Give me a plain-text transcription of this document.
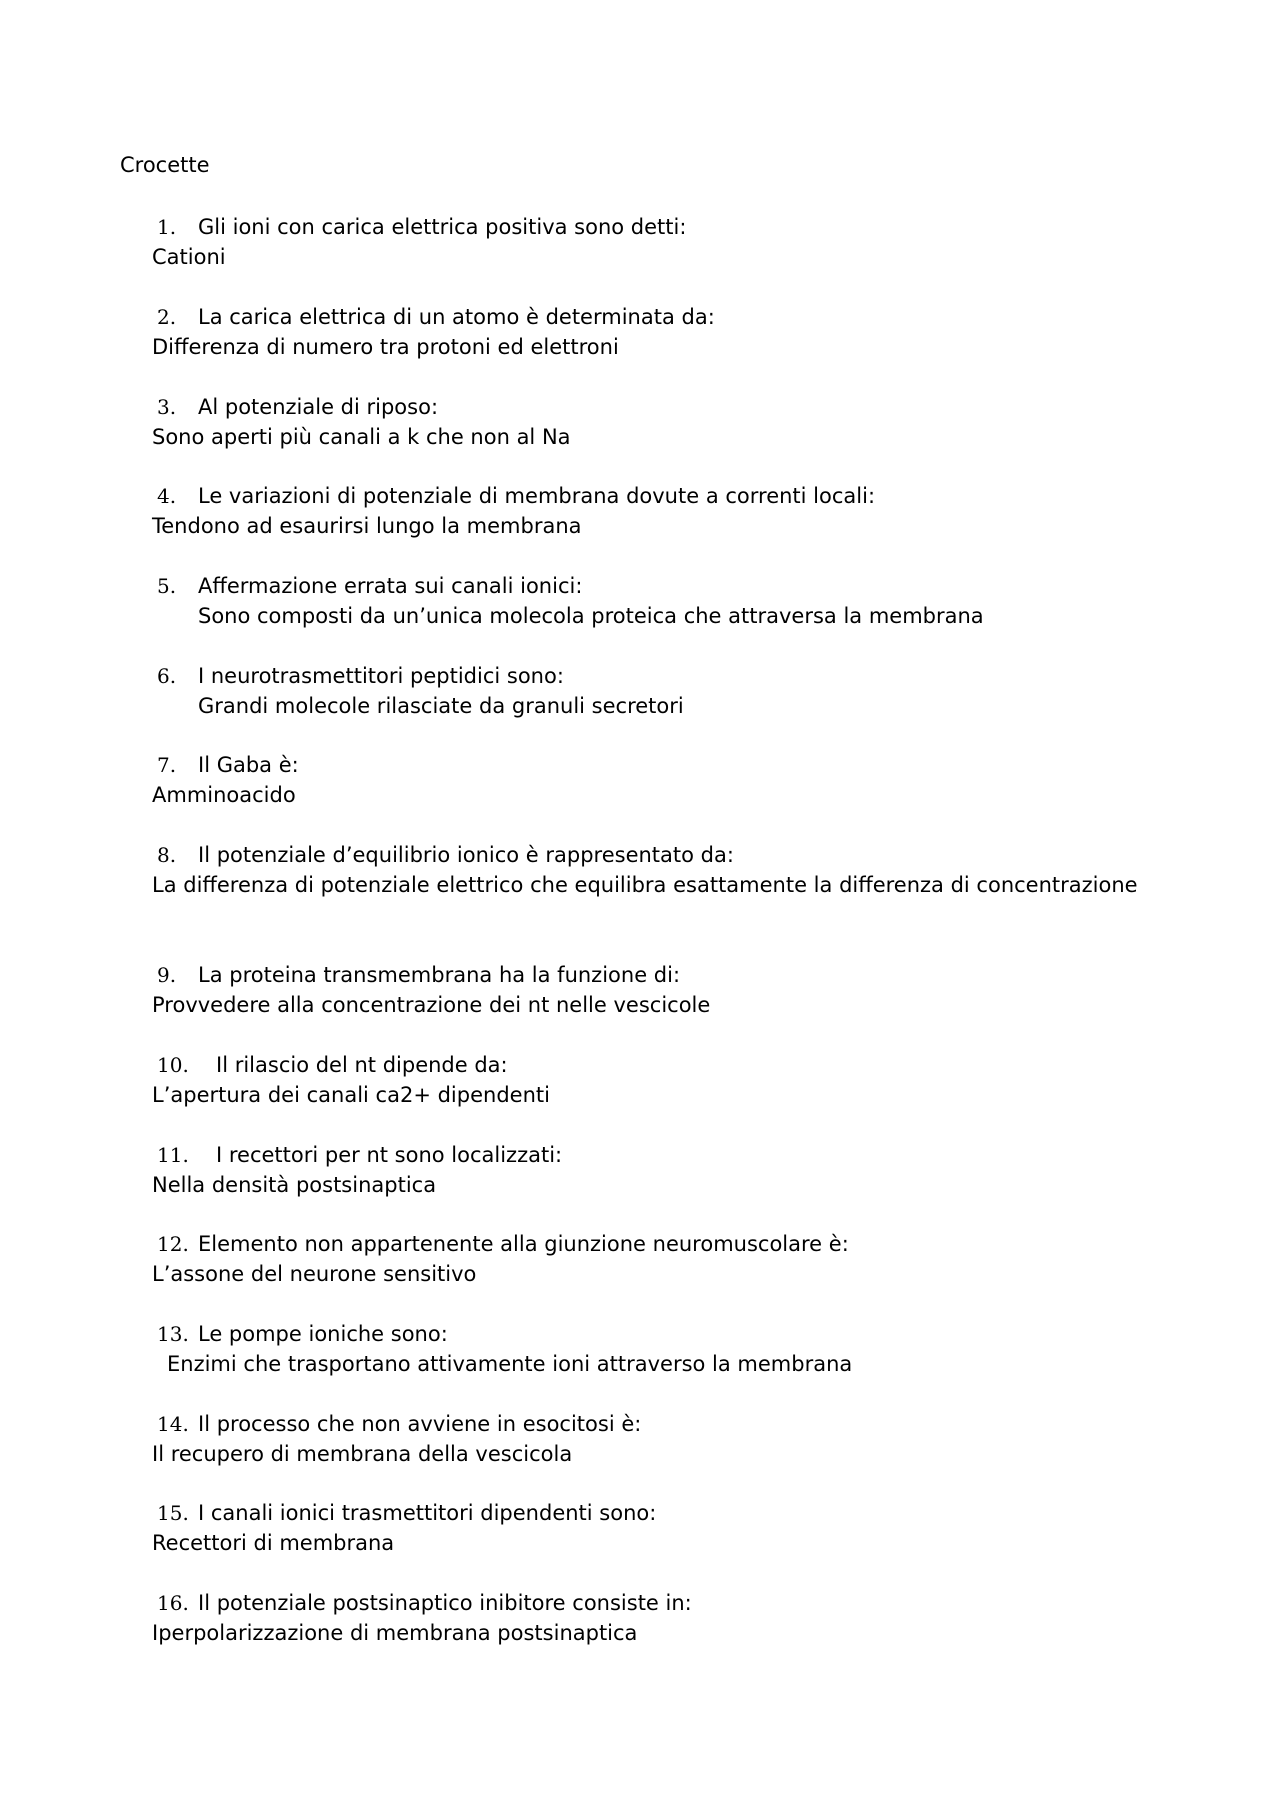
Crocette
1. Gli ioni con carica elettrica positiva sono detti:
Cationi
2. La carica elettrica di un atomo è determinata da:
Differenza di numero tra protoni ed elettroni
3. Al potenziale di riposo:
Sono aperti più canali a k che non al Na
4. Le variazioni di potenziale di membrana dovute a correnti locali:
Tendono ad esaurirsi lungo la membrana
5. Affermazione errata sui canali ionici:
Sono composti da un’unica molecola proteica che attraversa la membrana
6. I neurotrasmettitori peptidici sono:
Grandi molecole rilasciate da granuli secretori
7. Il Gaba è:
Amminoacido
8. Il potenziale d’equilibrio ionico è rappresentato da:
La differenza di potenziale elettrico che equilibra esattamente la differenza di concentrazione
9. La proteina transmembrana ha la funzione di:
Provvedere alla concentrazione dei nt nelle vescicole
10. Il rilascio del nt dipende da:
L’apertura dei canali ca2+ dipendenti
11. I recettori per nt sono localizzati:
Nella densità postsinaptica
12. Elemento non appartenente alla giunzione neuromuscolare è:
L’assone del neurone sensitivo
13. Le pompe ioniche sono:
Enzimi che trasportano attivamente ioni attraverso la membrana
14. Il processo che non avviene in esocitosi è:
Il recupero di membrana della vescicola
15. I canali ionici trasmettitori dipendenti sono:
Recettori di membrana
16. Il potenziale postsinaptico inibitore consiste in:
Iperpolarizzazione di membrana postsinaptica
